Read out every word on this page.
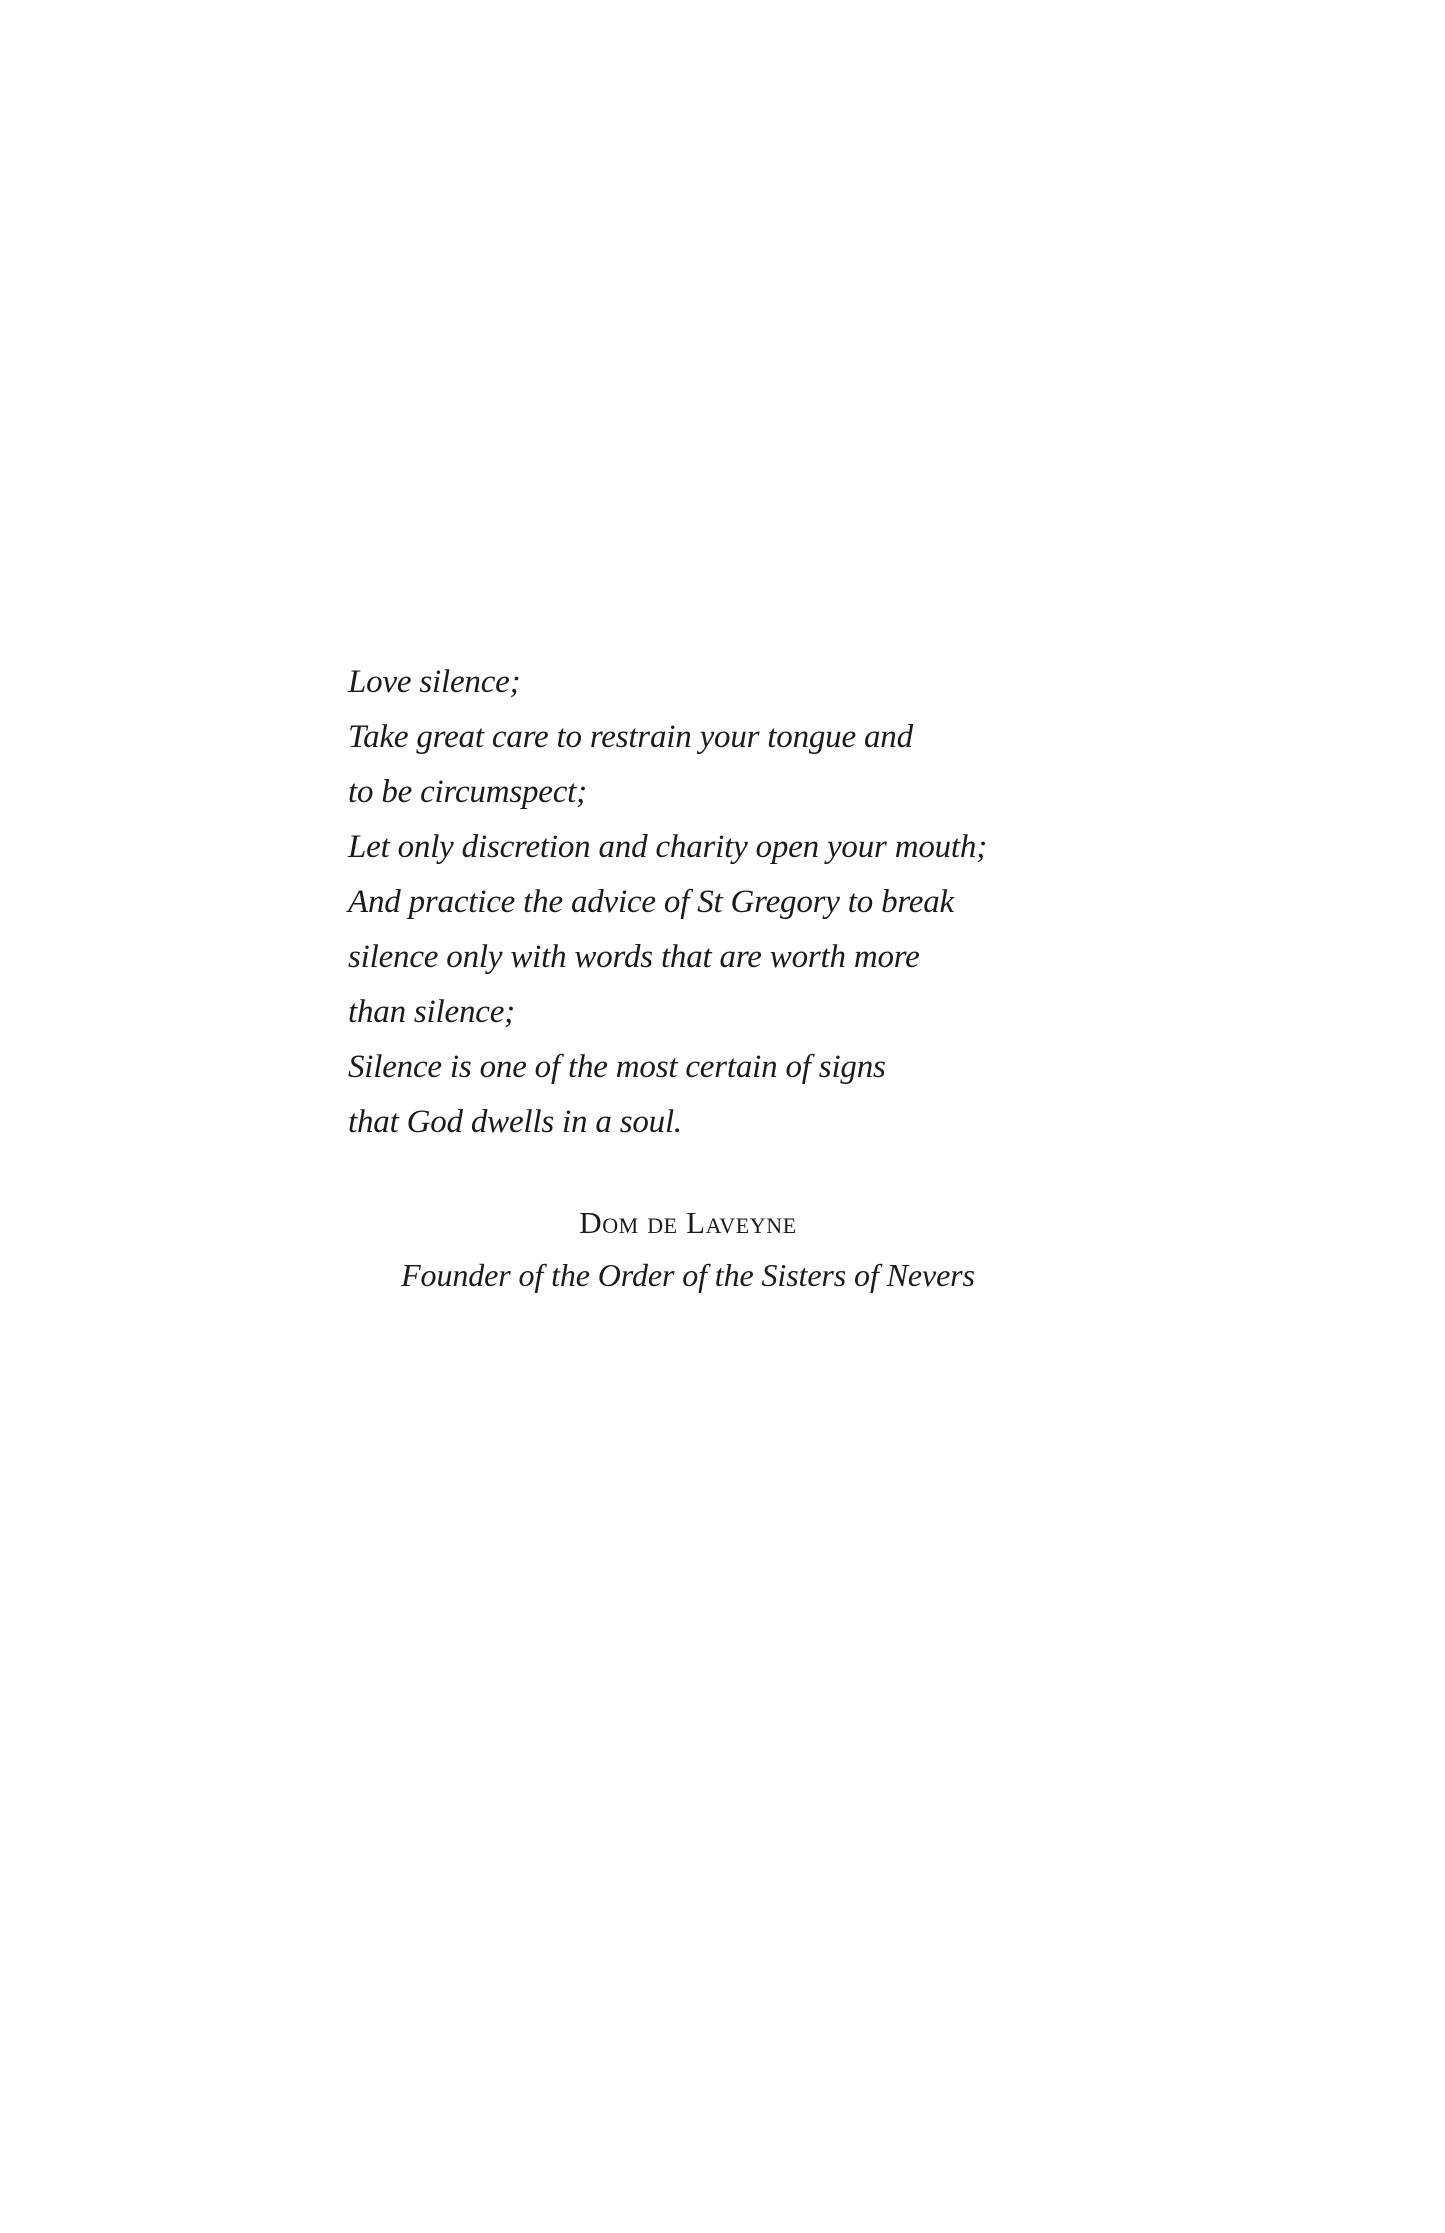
Love silence;
Take great care to restrain your tongue and
to be circumspect;
Let only discretion and charity open your mouth;
And practice the advice of St Gregory to break
silence only with words that are worth more
than silence;
Silence is one of the most certain of signs
that God dwells in a soul.
Dom de Laveyne
Founder of the Order of the Sisters of Nevers
